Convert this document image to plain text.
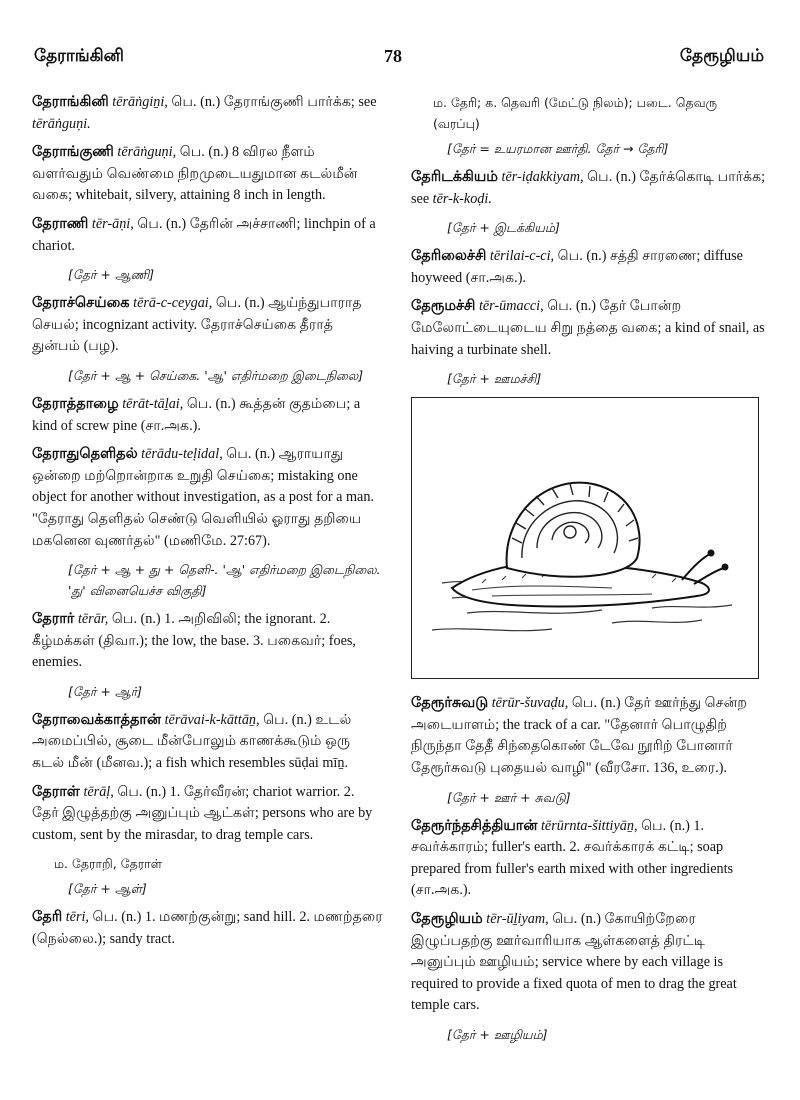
தேராங்கினி	78	தேரூழியம்
தேராங்கினி tērāṅgiṉi, பெ. (n.) தேராங்குணி பார்க்க; see tērāṅguṇi.
தேராங்குணி tērāṅguṇi, பெ. (n.) 8 விரல நீளம் வளர்வதும் வெண்மை நிறமுடையதுமான கடல்மீன் வகை; whitebait, silvery, attaining 8 inch in length.
தேராணி tēr-āṇi, பெ. (n.) தேரின் அச்சாணி; linchpin of a chariot.
[தேர் + ஆணி]
தேராச்செய்கை tērā-c-ceygai, பெ. (n.) ஆய்ந்துபாராத செயல்; incognizant activity. தேராச்செய்கை தீராத் துன்பம் (பழ).
[தேர் + ஆ + செய்கை. 'ஆ' எதிர்மறை இடைநிலை]
தேராத்தாழை tērāt-tāḻai, பெ. (n.) கூத்தன் குதம்பை; a kind of screw pine (சா.அக.).
தேராதுதெளிதல் tērādu-teḷidal, பெ. (n.) ஆராயாது ஒன்றை மற்றொன்றாக உறுதி செய்கை; mistaking one object for another without investigation, as a post for a man. "தேராது தெளிதல் செண்டு வெளியில் ஓராது தறியை மகனென வுணர்தல்" (மணிமே. 27:67).
[தேர் + ஆ + து + தெளி-. 'ஆ' எதிர்மறை இடைநிலை. 'து' வினையெச்ச விகுதி]
தேரார் tērār, பெ. (n.) 1. அறிவிலி; the ignorant. 2. கீழ்மக்கள் (திவா.); the low, the base. 3. பகைவர்; foes, enemies.
[தேர் + ஆர்]
தேராவைக்காத்தான் tērāvai-k-kāttāṉ, பெ. (n.) உடல் அமைப்பில், சூடை மீன்போலும் காணக்கூடும் ஒரு கடல் மீன் (மீனவ.); a fish which resembles sūḍai mīṉ.
தேராள் tērāḷ, பெ. (n.) 1. தேர்வீரன்; chariot warrior. 2. தேர் இழுத்தற்கு அனுப்பும் ஆட்கள்; persons who are by custom, sent by the mirasdar, to drag temple cars.
ம. தேராறி, தேராள்
[தேர் + ஆள்]
தேரி tēri, பெ. (n.) 1. மணற்குன்று; sand hill. 2. மணற்தரை (நெல்லை.); sandy tract.
ம. தேரி; க. தெவரி (மேட்டு நிலம்); படை. தெவரு (வரப்பு)
[தேர் = உயரமான ஊர்தி. தேர் → தேரி]
தேரிடக்கியம் tēr-iḍakkiyam, பெ. (n.) தேர்க்கொடி பார்க்க; see tēr-k-koḍi.
[தேர் + இடக்கியம்]
தேரிலைச்சி tērilai-c-ci, பெ. (n.) சத்தி சாரணை; diffuse hoyweed (சா.அக.).
தேரூமச்சி tēr-ūmacci, பெ. (n.) தேர் போன்ற மேலோட்டையுடைய சிறு நத்தை வகை; a kind of snail, as haiving a turbinate shell.
[தேர் + ஊமச்சி]
தேரூர்சுவடு tērūr-šuvaḍu, பெ. (n.) தேர் ஊர்ந்து சென்ற அடையாளம்; the track of a car. "தேனார் பொழுதிற் நிருந்தா தேதீ சிந்தைகொண் டேவே நூரிற் போனார் தேரூர்சுவடு புதையல் வாழி" (வீரசோ. 136, உரை.).
[தேர் + ஊர் + சுவடு]
தேரூர்ந்தசித்தியான் tērūrnta-šittiyāṉ, பெ. (n.) 1. சவர்க்காரம்; fuller's earth. 2. சவர்க்காரக் கட்டி; soap prepared from fuller's earth mixed with other ingredients (சா.அக.).
தேரூழியம் tēr-ūḻiyam, பெ. (n.) கோயிற்றேரை இழுப்பதற்கு ஊர்வாரியாக ஆள்களைத் திரட்டி அனுப்பும் ஊழியம்; service where by each village is required to provide a fixed quota of men to drag the great temple cars.
[தேர் + ஊழியம்]
